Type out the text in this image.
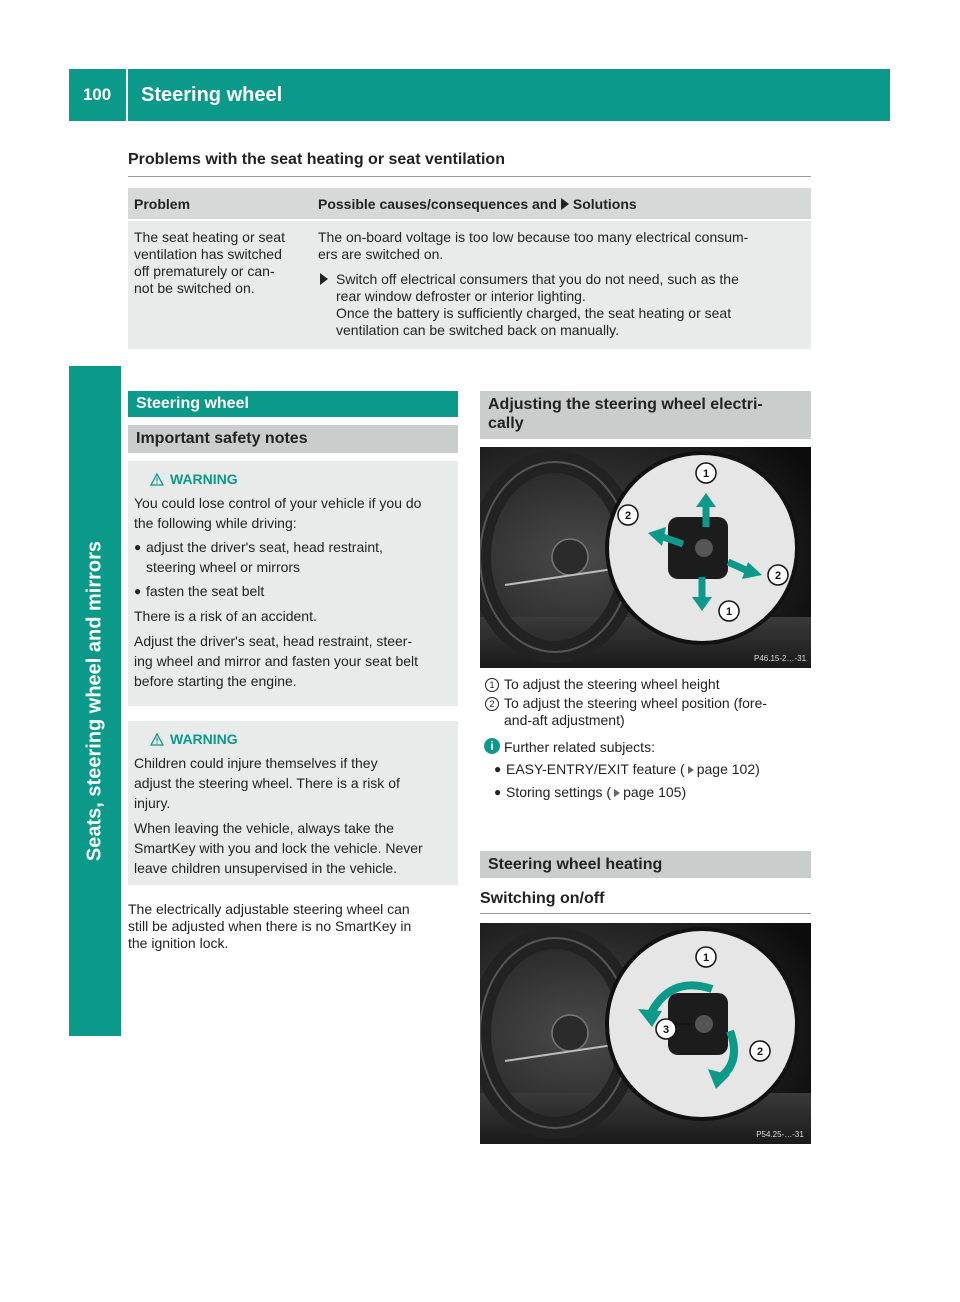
100	Steering wheel
Seats, steering wheel and mirrors
Problems with the seat heating or seat ventilation
Problem	Possible causes/consequences and Solutions
The seat heating or seat
ventilation has switched
off prematurely or can-
not be switched on.
The on-board voltage is too low because too many electrical consum-
ers are switched on.
Switch off electrical consumers that you do not need, such as the
rear window defroster or interior lighting.
Once the battery is sufficiently charged, the seat heating or seat
ventilation can be switched back on manually.
Steering wheel
Important safety notes
WARNING
You could lose control of your vehicle if you do
the following while driving:
● adjust the driver's seat, head restraint,
steering wheel or mirrors
● fasten the seat belt

There is a risk of an accident.

Adjust the driver's seat, head restraint, steer-
ing wheel and mirror and fasten your seat belt
before starting the engine.
WARNING
Children could injure themselves if they
adjust the steering wheel. There is a risk of
injury.
When leaving the vehicle, always take the
SmartKey with you and lock the vehicle. Never
leave children unsupervised in the vehicle.
The electrically adjustable steering wheel can
still be adjusted when there is no SmartKey in
the ignition lock.
Adjusting the steering wheel electri-
cally
1
2
2
1
P46.15-2…-31
1 To adjust the steering wheel height
2 To adjust the steering wheel position (fore-
and-aft adjustment)
i Further related subjects:
● EASY-ENTRY/EXIT feature ( page 102)
● Storing settings ( page 105)
Steering wheel heating
Switching on/off
1
3
2
P54.25-…-31
